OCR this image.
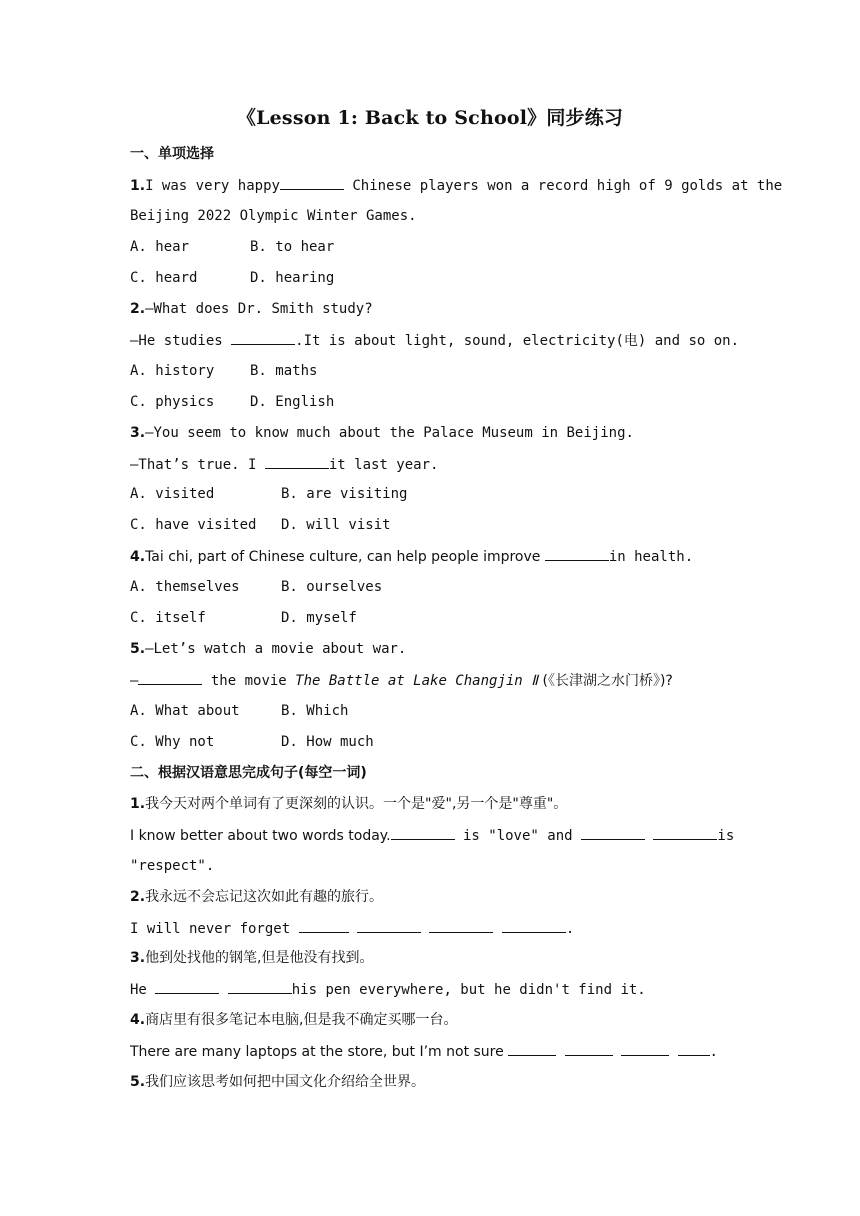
《Lesson 1: Back to School》同步练习
一、单项选择
1.I was very happy	Chinese players won a record high of 9 golds at the
Beijing 2022 Olympic Winter Games.
A. hear	B. to hear
C. heard	D. hearing
2.—What does Dr. Smith study?
—He studies	.It is about light, sound, electricity(电) and so on.
A. history	B. maths
C. physics	D. English
3.—You seem to know much about the Palace Museum in Beijing.
—That’s true. I	it last year.
A. visited	B. are visiting
C. have visited D. will visit
4.Tai chi, part of Chinese culture, can help people improve	in health.
A. themselves	B. ourselves
C. itself	D. myself
5.—Let’s watch a movie about war.
—	the movie The Battle at Lake Changjin Ⅱ (《长津湖之水门桥》)?
A. What about	B. Which
C. Why not	D. How much
二、根据汉语意思完成句子(每空一词)
1.我今天对两个单词有了更深刻的认识。一个是"爱",另一个是"尊重"。
I know better about two words today.	is "love" and	is
"respect".
2.我永远不会忘记这次如此有趣的旅行。
I will never forget	.
3.他到处找他的钢笔,但是他没有找到。
He	his pen everywhere, but he didn't find it.
4.商店里有很多笔记本电脑,但是我不确定买哪一台。
There are many laptops at the store, but I’m not sure	.
5.我们应该思考如何把中国文化介绍给全世界。
